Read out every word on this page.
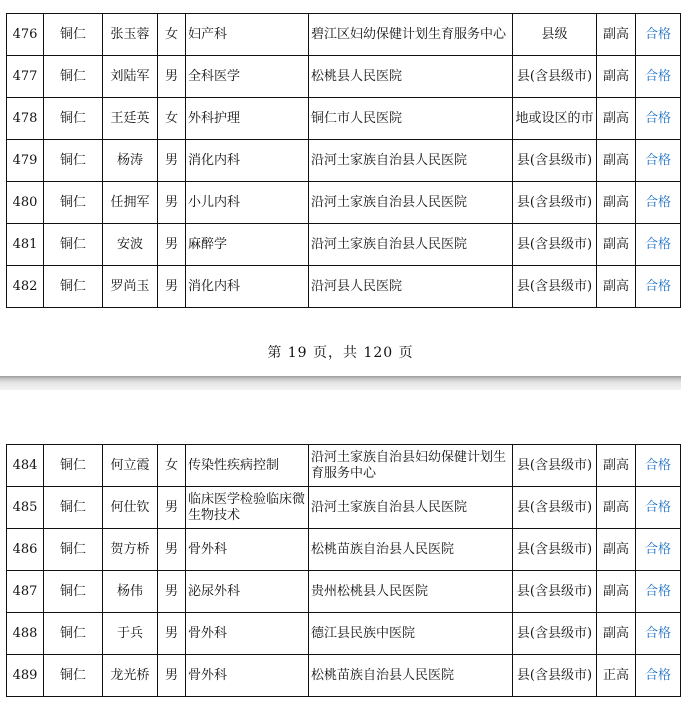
476	铜仁	张玉蓉	女	妇产科	碧江区妇幼保健计划生育服务中心	县级	副高	合格
477	铜仁	刘陆军	男	全科医学	松桃县人民医院	县(含县级市)	副高	合格
478	铜仁	王廷英	女	外科护理	铜仁市人民医院	地或设区的市	副高	合格
479	铜仁	杨涛	男	消化内科	沿河土家族自治县人民医院	县(含县级市)	副高	合格
480	铜仁	任拥军	男	小儿内科	沿河土家族自治县人民医院	县(含县级市)	副高	合格
481	铜仁	安波	男	麻醉学	沿河土家族自治县人民医院	县(含县级市)	副高	合格
482	铜仁	罗尚玉	男	消化内科	沿河县人民医院	县(含县级市)	副高	合格
第 19 页，共 120 页
484	铜仁	何立霞	女	传染性疾病控制	沿河土家族自治县妇幼保健计划生育服务中心	县(含县级市)	副高	合格
485	铜仁	何仕钦	男	临床医学检验临床微生物技术	沿河土家族自治县人民医院	县(含县级市)	副高	合格
486	铜仁	贺方桥	男	骨外科	松桃苗族自治县人民医院	县(含县级市)	副高	合格
487	铜仁	杨伟	男	泌尿外科	贵州松桃县人民医院	县(含县级市)	副高	合格
488	铜仁	于兵	男	骨外科	德江县民族中医院	县(含县级市)	副高	合格
489	铜仁	龙光桥	男	骨外科	松桃苗族自治县人民医院	县(含县级市)	正高	合格
